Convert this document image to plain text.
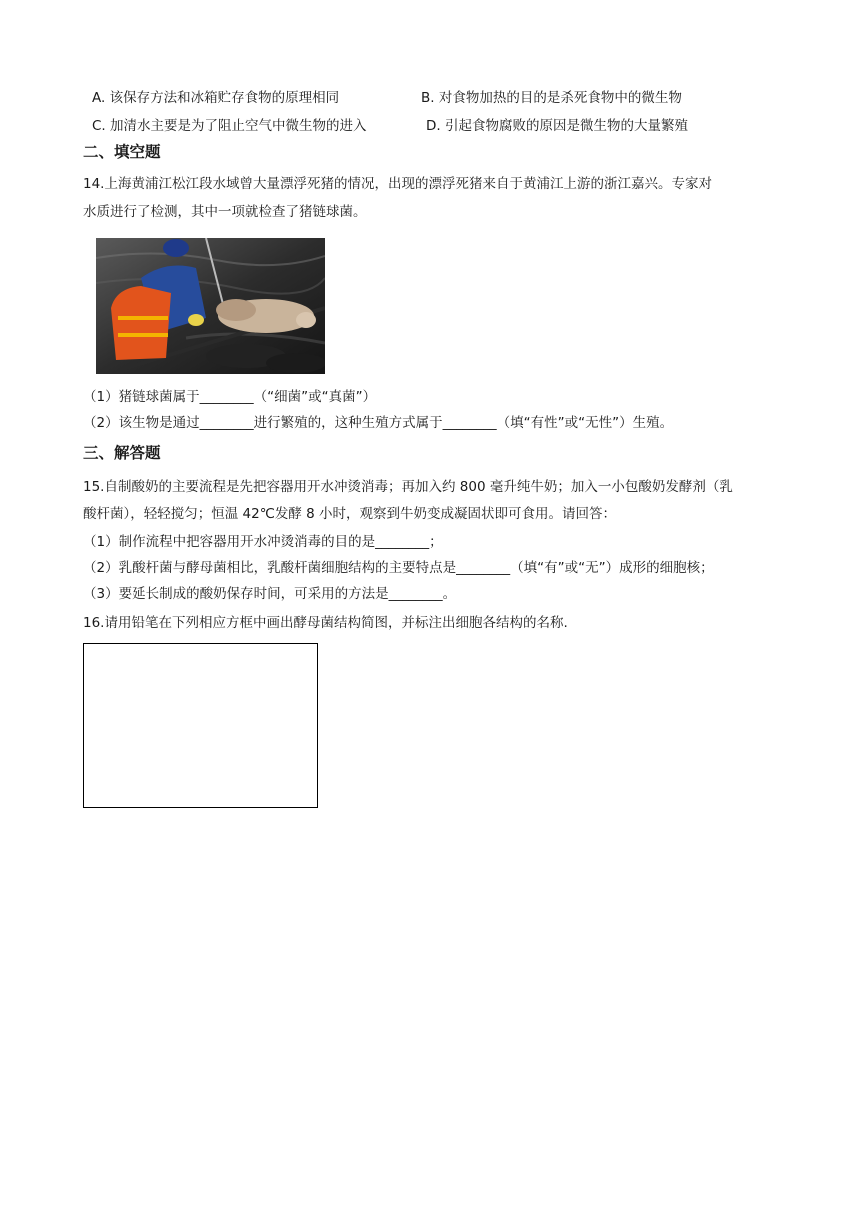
A. 该保存方法和冰箱贮存食物的原理相同	B. 对食物加热的目的是杀死食物中的微生物
C. 加清水主要是为了阻止空气中微生物的进入	D. 引起食物腐败的原因是微生物的大量繁殖
二、填空题
14.上海黄浦江松江段水域曾大量漂浮死猪的情况，出现的漂浮死猪来自于黄浦江上游的浙江嘉兴。专家对
水质进行了检测，其中一项就检查了猪链球菌。
（1）猪链球菌属于________（“细菌”或“真菌”）
（2）该生物是通过________进行繁殖的，这种生殖方式属于________（填“有性”或“无性”）生殖。
三、解答题
15.自制酸奶的主要流程是先把容器用开水冲烫消毒；再加入约 800 毫升纯牛奶；加入一小包酸奶发酵剂（乳
酸杆菌），轻轻搅匀；恒温 42℃发酵 8 小时，观察到牛奶变成凝固状即可食用。请回答：
（1）制作流程中把容器用开水冲烫消毒的目的是________；
（2）乳酸杆菌与酵母菌相比，乳酸杆菌细胞结构的主要特点是________（填“有”或“无”）成形的细胞核；
（3）要延长制成的酸奶保存时间，可采用的方法是________。
16.请用铅笔在下列相应方框中画出酵母菌结构简图，并标注出细胞各结构的名称.
